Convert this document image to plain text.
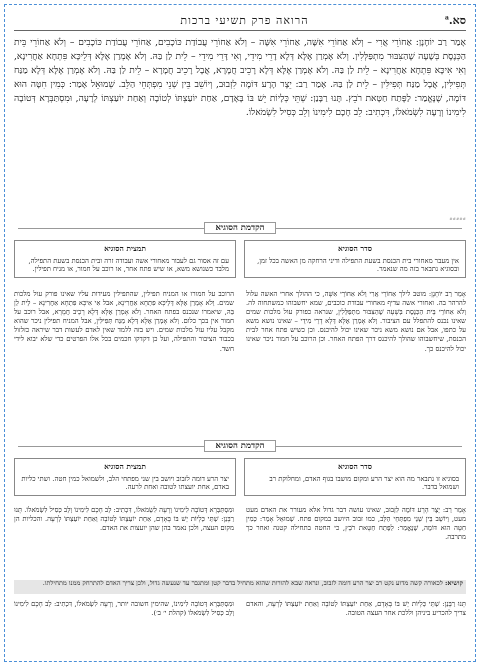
סא.$^a$
הרואה פרק תשיעי ברכות

אָמַר רַב יוֹחָנָן: אַחוֹרֵי אֲרִי – וְלֹא אַחוֹרֵי אִשָּׁה, אַחוֹרֵי אִשָּׁה – וְלֹא אַחוֹרֵי עֲבוֹדַת כּוֹכָבִים, אַחוֹרֵי עֲבוֹדַת כּוֹכָבִים – וְלֹא אַחוֹרֵי בֵּית הַכְּנֶסֶת בְּשָׁעָה שֶׁהַצִּבּוּר מִתְפַּלְּלִין. וְלֹא אָמְרַן אֶלָּא דְּלָא דָרֵי מִידֵי, וְאִי דָּרֵי מִידֵי – לֵית לַן בַּהּ. וְלֹא אָמְרַן אֶלָּא דְּלֵיכָּא פִּתְחָא אַחֲרִינָא, וְאִי אִיכָּא פִּתְחָא אַחֲרִינָא – לֵית לַן בַּהּ. וְלֹא אָמְרַן אֶלָּא דְּלָא רָכֵיב חֲמָרָא, אֲבָל רָכֵיב חֲמָרָא – לֵית לַן בַּהּ. וְלֹא אָמְרַן אֶלָּא דְּלָא מַנַּח תְּפִילִּין, אֲבָל מַנַּח תְּפִילִּין – לֵית לַן בַּהּ. אָמַר רַב: יֵצֶר הָרָע דּוֹמֶה לִזְבוּב, וְיוֹשֵׁב בֵּין שְׁנֵי מִפְתְּחֵי הַלֵּב. שְׁמוּאֵל אָמַר: כְּמִין חִטָּה הוּא דּוֹמֶה, שֶׁנֶּאֱמַר: לַפֶּתַח חַטָּאת רֹבֵץ. תָּנוּ רַבָּנַן: שְׁתֵּי כְּלָיוֹת יֵשׁ בּוֹ בָּאָדָם, אַחַת יוֹעַצְתּוֹ לְטוֹבָה וְאַחַת יוֹעַצְתּוֹ לְרָעָה, וּמִסְתַּבְּרָא דְּטוֹבָה לִימִינוֹ וְרָעָה לִשְׂמֹאלוֹ, דִּכְתִיב: לֵב חָכָם לִימִינוֹ וְלֵב כְּסִיל לִשְׂמֹאלוֹ.

#####
הקדמת הסוגיא
סדר הסוגיא
אין מעבר מאחורי בית הכנסת בשעת התפילה ודיני הרחקה מן האשה בכל זמן, ובסוגיא נתבאר בזה מה שנאמר.
תמצית הסוגיא
עם זה אסור גם לעבור מאחורי אשה ועבודה זרה ובית הכנסת בשעת התפילה, מלבד כשנושא משא, או שיש פתח אחר, או רוכב על חמור, או מניח תפילין.
אָמַר רַב יוֹחָנָן: מוטב לילך אַחוֹרֵי אֲרִי וְלֹא אַחוֹרֵי אִשָּׁה, כי ההולך אחרי האשה עלול להרהר בה. ואחורי אשה עדיף מאחורי עבודת כוכבים, שמא יחשבוהו כמשתחוה לה. וְלֹא אַחוֹרֵי בֵּית הַכְּנֶסֶת בְּשָׁעָה שֶׁהַצִּבּוּר מִתְפַּלְּלִין, שנראה כפורק עול מלכות שמים שאינו נכנס להתפלל עם הציבור. וְלֹא אָמְרַן אֶלָּא דְּלָא דָרֵי מִידֵי – שאינו נושא משא על כתפו, אבל אם נושא משא ניכר שאינו יכול להיכנס. וכן כשיש פתח אחר לבית הכנסת, שיחשבוהו שהולך להיכנס דרך הפתח האחר. וכן הרוכב על חמור ניכר שאינו יכול להיכנס כך.
הרוכב על חמורו או המניח תפילין, שהתפילין מעידות עליו שאינו פורק עול מלכות שמים. וְלֹא אָמְרַן אֶלָּא דְּלֵיכָּא פִּתְחָא אַחֲרִינָא, אבל אִי אִיכָּא פִּתְחָא אַחֲרִינָא – לֵית לַן בַּהּ, שיאמרו שנכנס בפתח האחר. וְלֹא אָמְרַן אֶלָּא דְּלָא רָכֵיב חֲמָרָא, אבל רוכב על חמור אין בכך כלום. וְלֹא אָמְרַן אֶלָּא דְּלָא מַנַּח תְּפִילִּין, אבל המניח תפילין ניכר שהוא מקבל עליו עול מלכות שמים. ויש בזה ללמד שאין לאדם לעשות דבר שיראה כזלזול בכבוד הציבור והתפילה, ועל כן דקדקו חכמים בכל אלו הפרטים כדי שלא יבוא לידי חשד.
הקדמת הסוגיא
סדר הסוגיא
בסוגיא זו נתבאר מה הוא יצר הרע ומקום מושבו בגוף האדם, ומחלוקת רב ושמואל בדבר.
תמצית הסוגיא
יצר הרע דומה לזבוב ויושב בין שני מפתחי הלב, ולשמואל כמין חטה. ושתי כליות באדם, אחת יועצתו לטובה ואחת לרעה.
אָמַר רַב: יֵצֶר הָרָע דּוֹמֶה לִזְבוּב, שאינו עושה דבר גדול אלא מעורר את האדם מעט מעט, וְיוֹשֵׁב בֵּין שְׁנֵי מִפְתְּחֵי הַלֵּב, כמו זבוב היושב במקום פתח. שְׁמוּאֵל אָמַר: כְּמִין חִטָּה הוּא דּוֹמֶה, שֶׁנֶּאֱמַר: לַפֶּתַח חַטָּאת רֹבֵץ, כי החטה בתחילה קטנה ואחר כך מתרבה.
וּמִסְתַּבְּרָא דְּטוֹבָה לִימִינוֹ וְרָעָה לִשְׂמֹאלוֹ, דִּכְתִיב: לֵב חָכָם לִימִינוֹ וְלֵב כְּסִיל לִשְׂמֹאלוֹ. תָּנוּ רַבָּנַן: שְׁתֵּי כְּלָיוֹת יֵשׁ בּוֹ בָּאָדָם, אַחַת יוֹעַצְתּוֹ לְטוֹבָה וְאַחַת יוֹעַצְתּוֹ לְרָעָה. והכליות הן מקום העצה, ולכן נאמר בהן שהן יועצות את האדם.
קושיא: לכאורה קשה מדוע נקט רב יצר הרע דומה לזבוב, ונראה שבא להורות שהוא מתחיל בדבר קטן ומתגבר עד שנעשה גדול, ולכן צריך האדם להתרחק ממנו מתחילתו.
תָּנוּ רַבָּנַן: שְׁתֵּי כְּלָיוֹת יֵשׁ בּוֹ בָּאָדָם, אַחַת יוֹעַצְתּוֹ לְטוֹבָה וְאַחַת יוֹעַצְתּוֹ לְרָעָה, והאדם צריך להכריע ביניהן וללכת אחר העצה הטובה.
וּמִסְתַּבְּרָא דְּטוֹבָה לִימִינוֹ, שהימין חשובה יותר, וְרָעָה לִשְׂמֹאלוֹ, דִּכְתִיב: לֵב חָכָם לִימִינוֹ וְלֵב כְּסִיל לִשְׂמֹאלוֹ (קהלת י׳ ב׳).
